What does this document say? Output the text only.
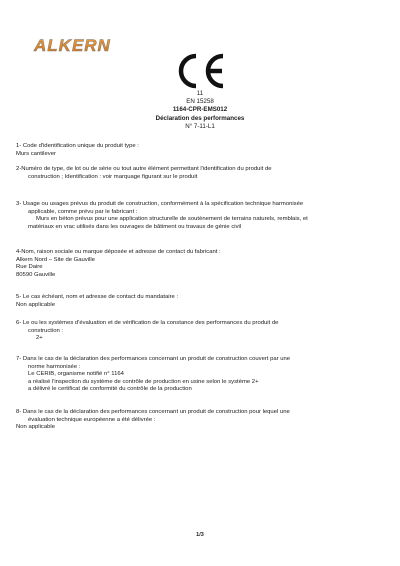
ALKERN
11
EN 15258
1164-CPR-EMS012
Déclaration des performances
N° 7-11-L1
1- Code d'identification unique du produit type :
Murs cantilever
2-Numéro de type, de lot ou de série ou tout autre élément permettant l'identification du produit de
construction ; Identification : voir marquage figurant sur le produit
3- Usage ou usages prévus du produit de construction, conformément à la spécification technique harmonisée
applicable, comme prévu par le fabricant :
Murs en béton prévus pour une application structurelle de soutènement de terrains naturels, remblais, et
matériaux en vrac utilisés dans les ouvrages de bâtiment ou travaux de génie civil
4-Nom, raison sociale ou marque déposée et adresse de contact du fabricant :
Alkern Nord – Site de Gauville
Rue Daire
80590 Gauville
5- Le cas échéant, nom et adresse de contact du mandataire :
Non applicable
6- Le ou les systèmes d'évaluation et de vérification de la constance des performances du produit de
construction :
2+
7- Dans le cas de la déclaration des performances concernant un produit de construction couvert par une
norme harmonisée :
Le CERIB, organisme notifié n° 1164
a réalisé l'inspection du système de contrôle de production en usine selon le système 2+
a délivré le certificat de conformité du contrôle de la production
8- Dans le cas de la déclaration des performances concernant un produit de construction pour lequel une
évaluation technique européenne a été délivrée :
Non applicable
1/3
